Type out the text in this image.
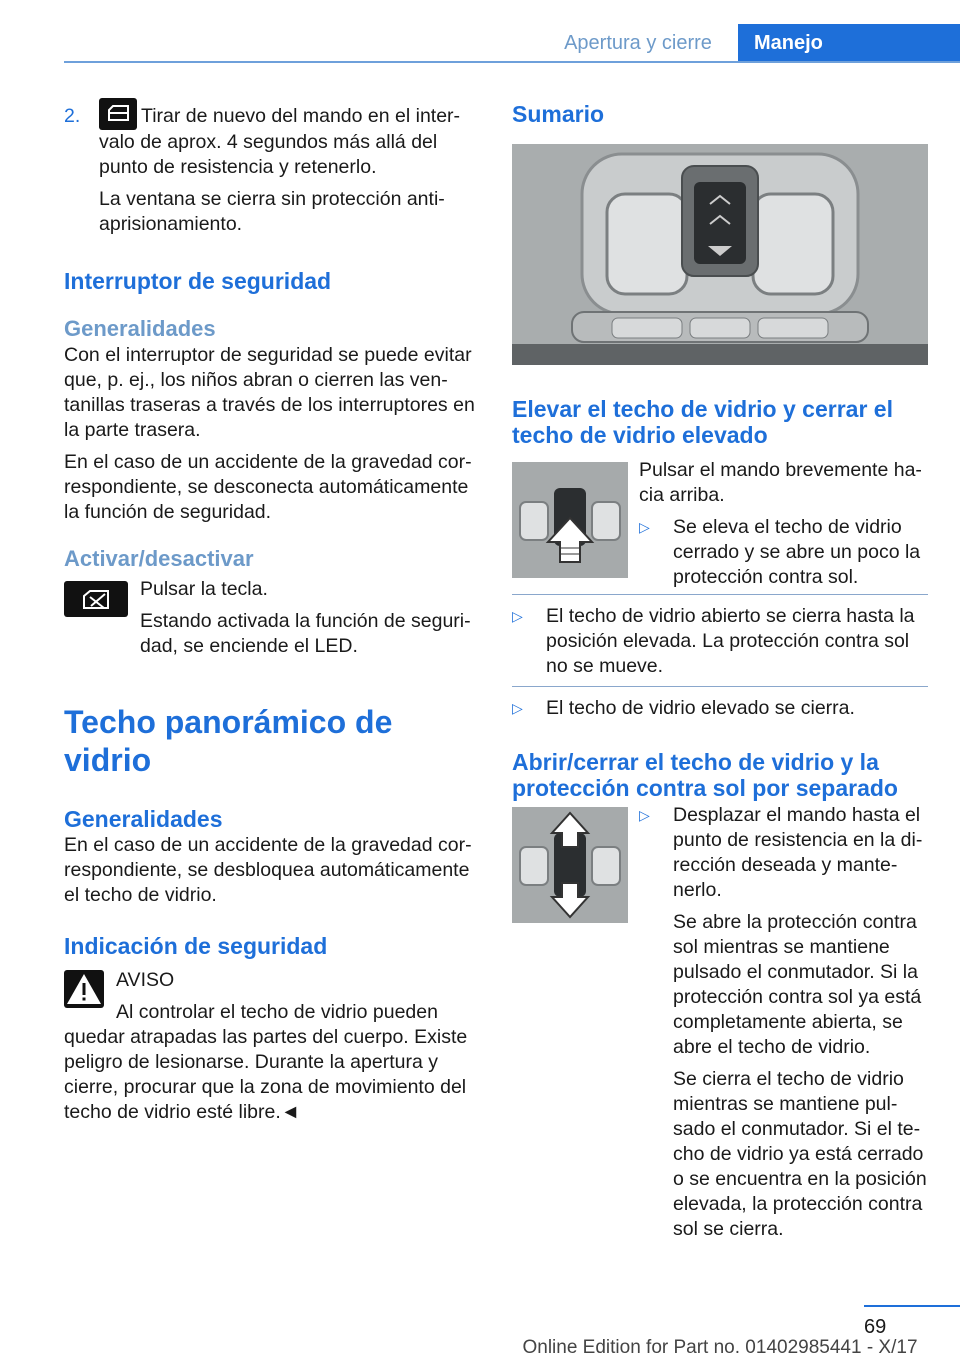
Apertura y cierre	Manejo
2.	Tirar de nuevo del mando en el intervalo de aprox. 4 segundos más allá del punto de resistencia y retenerlo.
La ventana se cierra sin protección antiaprisionamiento.
Interruptor de seguridad
Generalidades
Con el interruptor de seguridad se puede evitar que, p. ej., los niños abran o cierren las ventanillas traseras a través de los interruptores en la parte trasera.
En el caso de un accidente de la gravedad correspondiente, se desconecta automáticamente la función de seguridad.
Activar/desactivar
Pulsar la tecla.
Estando activada la función de seguridad, se enciende el LED.
Techo panorámico de vidrio
Generalidades
En el caso de un accidente de la gravedad correspondiente, se desbloquea automáticamente el techo de vidrio.
Indicación de seguridad
AVISO
Al controlar el techo de vidrio pueden quedar atrapadas las partes del cuerpo. Existe peligro de lesionarse. Durante la apertura y cierre, procurar que la zona de movimiento del techo de vidrio esté libre.◄
Sumario
Elevar el techo de vidrio y cerrar el techo de vidrio elevado
Pulsar el mando brevemente hacia arriba.
▷ Se eleva el techo de vidrio cerrado y se abre un poco la protección contra sol.
▷ El techo de vidrio abierto se cierra hasta la posición elevada. La protección contra sol no se mueve.
▷ El techo de vidrio elevado se cierra.
Abrir/cerrar el techo de vidrio y la protección contra sol por separado
▷ Desplazar el mando hasta el punto de resistencia en la dirección deseada y mantenerlo.
Se abre la protección contra sol mientras se mantiene pulsado el conmutador. Si la protección contra sol ya está completamente abierta, se abre el techo de vidrio.
Se cierra el techo de vidrio mientras se mantiene pulsado el conmutador. Si el techo de vidrio ya está cerrado o se encuentra en la posición elevada, la protección contra sol se cierra.
69
Online Edition for Part no. 01402985441 - X/17
